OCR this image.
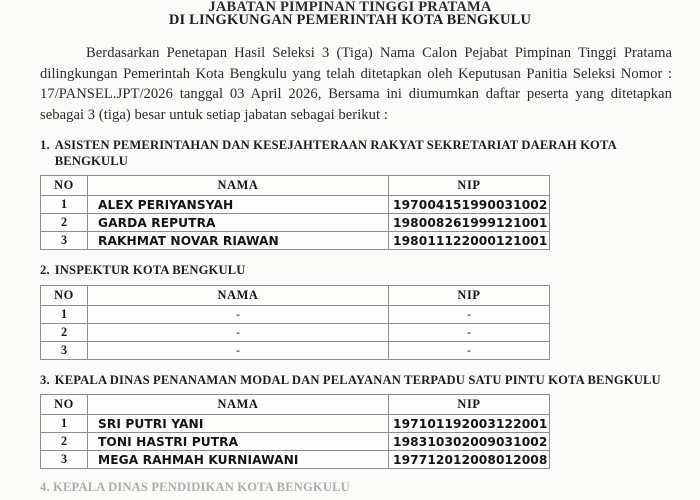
JABATAN PIMPINAN TINGGI PRATAMA
DI LINGKUNGAN PEMERINTAH KOTA BENGKULU

Berdasarkan Penetapan Hasil Seleksi 3 (Tiga) Nama Calon Pejabat Pimpinan Tinggi Pratama dilingkungan Pemerintah Kota Bengkulu yang telah ditetapkan oleh Keputusan Panitia Seleksi Nomor : 17/PANSEL.JPT/2026 tanggal 03 April 2026, Bersama ini diumumkan daftar peserta yang ditetapkan sebagai 3 (tiga) besar untuk setiap jabatan sebagai berikut :

1. ASISTEN PEMERINTAHAN DAN KESEJAHTERAAN RAKYAT SEKRETARIAT DAERAH KOTA BENGKULU
NO	NAMA	NIP
1	ALEX PERIYANSYAH	197004151990031002
2	GARDA REPUTRA	198008261999121001
3	RAKHMAT NOVAR RIAWAN	198011122000121001
2. INSPEKTUR KOTA BENGKULU
NO	NAMA	NIP
1	-	-
2	-	-
3	-	-
3. KEPALA DINAS PENANAMAN MODAL DAN PELAYANAN TERPADU SATU PINTU KOTA BENGKULU
NO	NAMA	NIP
1	SRI PUTRI YANI	197101192003122001
2	TONI HASTRI PUTRA	198310302009031002
3	MEGA RAHMAH KURNIAWANI	197712012008012008
4. KEPALA DINAS PENDIDIKAN KOTA BENGKULU
